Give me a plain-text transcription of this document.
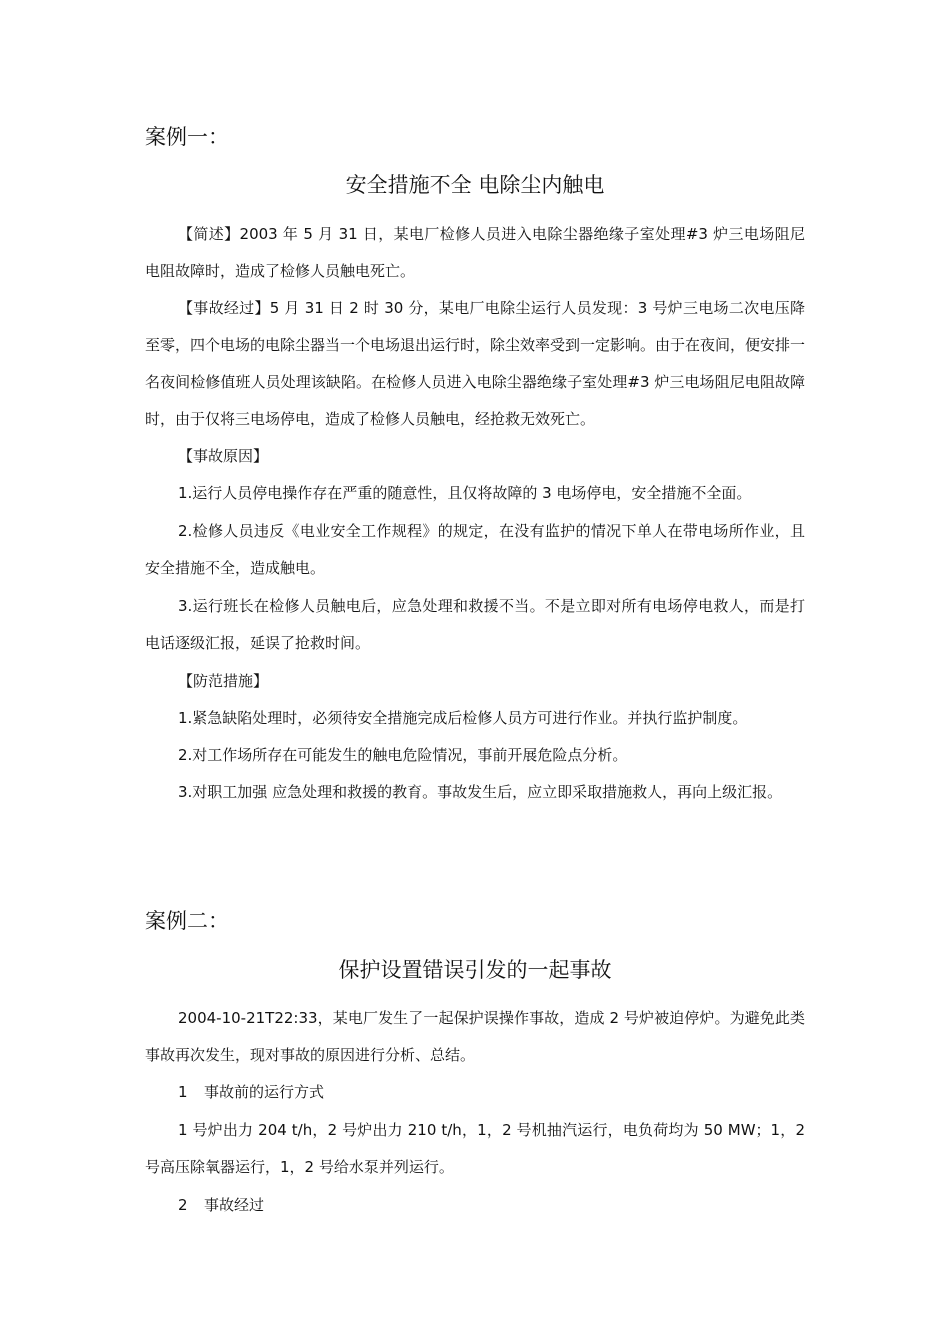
案例一：
安全措施不全 电除尘内触电
【简述】2003 年 5 月 31 日，某电厂检修人员进入电除尘器绝缘子室处理#3 炉三电场阻尼电阻故障时，造成了检修人员触电死亡。
【事故经过】5 月 31 日 2 时 30 分，某电厂电除尘运行人员发现：3 号炉三电场二次电压降至零，四个电场的电除尘器当一个电场退出运行时，除尘效率受到一定影响。由于在夜间，便安排一名夜间检修值班人员处理该缺陷。在检修人员进入电除尘器绝缘子室处理#3 炉三电场阻尼电阻故障时，由于仅将三电场停电，造成了检修人员触电，经抢救无效死亡。
【事故原因】
1.运行人员停电操作存在严重的随意性，且仅将故障的 3 电场停电，安全措施不全面。
2.检修人员违反《电业安全工作规程》的规定，在没有监护的情况下单人在带电场所作业，且安全措施不全，造成触电。
3.运行班长在检修人员触电后，应急处理和救援不当。不是立即对所有电场停电救人，而是打电话逐级汇报，延误了抢救时间。
【防范措施】
1.紧急缺陷处理时，必须待安全措施完成后检修人员方可进行作业。并执行监护制度。
2.对工作场所存在可能发生的触电危险情况，事前开展危险点分析。
3.对职工加强 应急处理和救援的教育。事故发生后，应立即采取措施救人，再向上级汇报。
案例二：
保护设置错误引发的一起事故
2004-10-21T22:33，某电厂发生了一起保护误操作事故，造成 2 号炉被迫停炉。为避免此类事故再次发生，现对事故的原因进行分析、总结。
1 事故前的运行方式
1 号炉出力 204 t/h，2 号炉出力 210 t/h，1，2 号机抽汽运行，电负荷均为 50 MW；1，2 号高压除氧器运行，1，2 号给水泵并列运行。
2 事故经过
